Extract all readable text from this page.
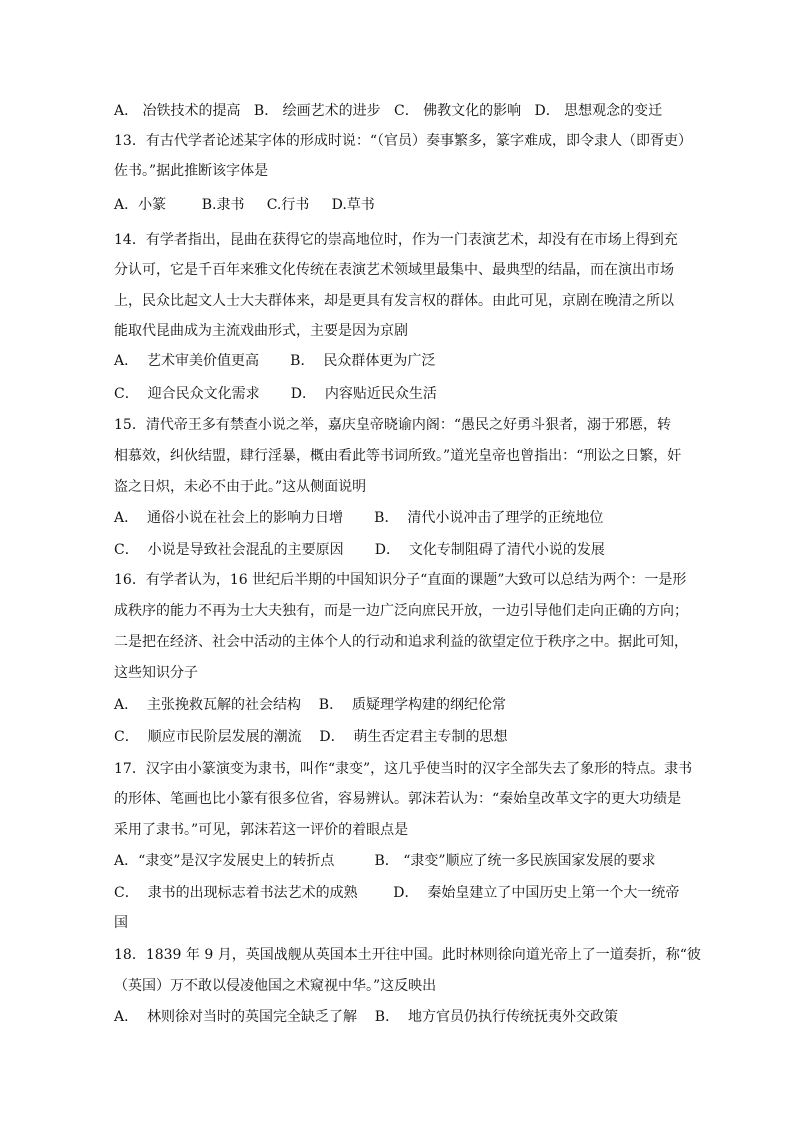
A． 冶铁技术的提高   B． 绘画艺术的进步   C． 佛教文化的影响   D． 思想观念的变迁

13．有古代学者论述某字体的形成时说：“（官员）奏事繁多，篆字难成，即令隶人（即胥吏）

佐书。”据此推断该字体是

A．小篆        B.隶书     C.行书     D.草书

14．有学者指出，昆曲在获得它的崇高地位时，作为一门表演艺术，却没有在市场上得到充

分认可，它是千百年来雅文化传统在表演艺术领域里最集中、最典型的结晶，而在演出市场

上，民众比起文人士大夫群体来，却是更具有发言权的群体。由此可见，京剧在晚清之所以

能取代昆曲成为主流戏曲形式，主要是因为京剧

A．  艺术审美价值更高       B．  民众群体更为广泛

C．  迎合民众文化需求       D．  内容贴近民众生活

15．清代帝王多有禁查小说之举，嘉庆皇帝晓谕内阁：“愚民之好勇斗狠者，溺于邪慝，转

相慕效，纠伙结盟，肆行淫暴，概由看此等书词所致。”道光皇帝也曾指出：“刑讼之日繁，奸

盗之日炽，未必不由于此。”这从侧面说明

A．  通俗小说在社会上的影响力日增       B．  清代小说冲击了理学的正统地位

C．  小说是导致社会混乱的主要原因       D．  文化专制阻碍了清代小说的发展

16．有学者认为，16 世纪后半期的中国知识分子“直面的课题”大致可以总结为两个：一是形

成秩序的能力不再为士大夫独有，而是一边广泛向庶民开放，一边引导他们走向正确的方向；

二是把在经济、社会中活动的主体个人的行动和追求利益的欲望定位于秩序之中。据此可知，

这些知识分子

A．  主张挽救瓦解的社会结构    B．  质疑理学构建的纲纪伦常

C．  顺应市民阶层发展的潮流    D．  萌生否定君主专制的思想

17．汉字由小篆演变为隶书，叫作“隶变”，这几乎使当时的汉字全部失去了象形的特点。隶书

的形体、笔画也比小篆有很多位省，容易辨认。郭沫若认为：“秦始皇改革文字的更大功绩是

采用了隶书。”可见，郭沫若这一评价的着眼点是

A．“隶变”是汉字发展史上的转折点         B． “隶变”顺应了统一多民族国家发展的要求

C．  隶书的出现标志着书法艺术的成熟        D．  秦始皇建立了中国历史上第一个大一统帝

国

18．1839 年 9 月，英国战舰从英国本土开往中国。此时林则徐向道光帝上了一道奏折，称“彼

（英国）万不敢以侵凌他国之术窥视中华。”这反映出

A．  林则徐对当时的英国完全缺乏了解    B．  地方官员仍执行传统抚夷外交政策
